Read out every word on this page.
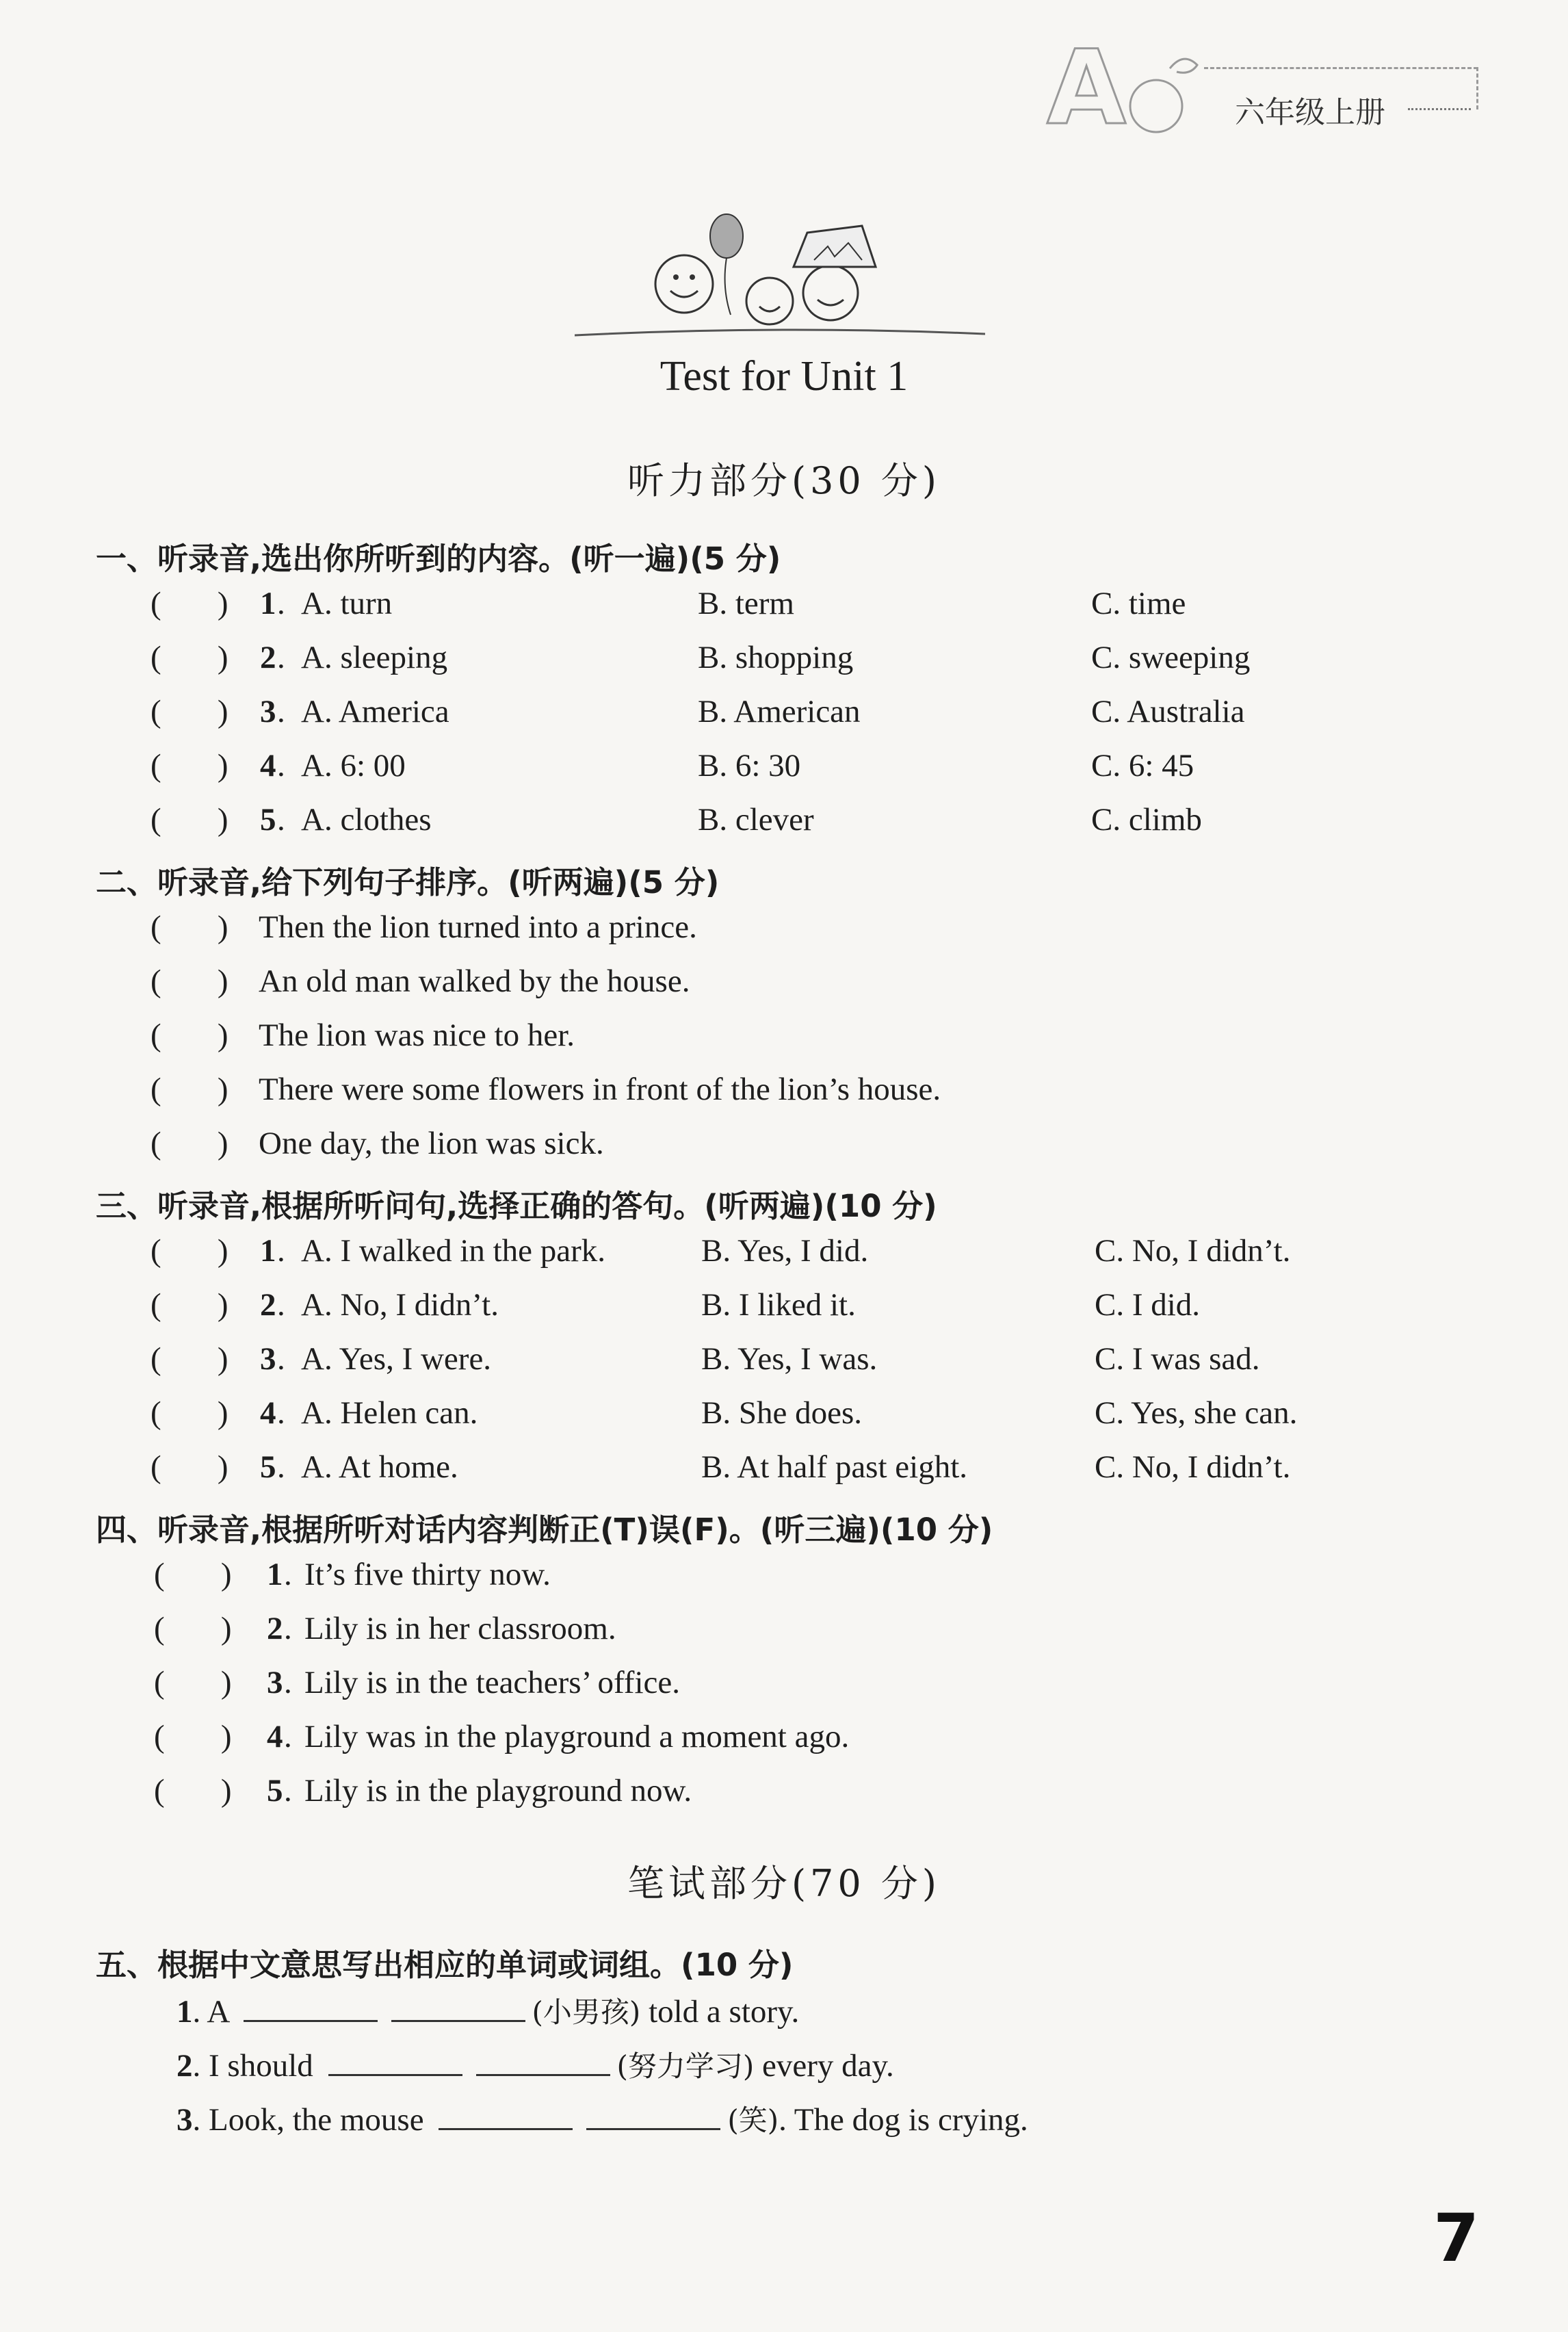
A	六年级上册
Test for Unit 1
听力部分(30 分)
一、听录音,选出你所听到的内容。(听一遍)(5 分)
(       ) 1 . A. turn	B. term	C. time
(       ) 2 . A. sleeping	B. shopping	C. sweeping
(       ) 3 . A. America	B. American	C. Australia
(       ) 4 . A. 6: 00	B. 6: 30	C. 6: 45
(       ) 5 . A. clothes	B. clever	C. climb
二、听录音,给下列句子排序。(听两遍)(5 分)
(       ) Then the lion turned into a prince.
(       ) An old man walked by the house.
(       ) The lion was nice to her.
(       ) There were some flowers in front of the lion’s house.
(       ) One day, the lion was sick.
三、听录音,根据所听问句,选择正确的答句。(听两遍)(10 分)
(       ) 1 . A. I walked in the park.	B. Yes, I did.	C. No, I didn’t.
(       ) 2 . A. No, I didn’t.	B. I liked it.	C. I did.
(       ) 3 . A. Yes, I were.	B. Yes, I was.	C. I was sad.
(       ) 4 . A. Helen can.	B. She does.	C. Yes, she can.
(       ) 5 . A. At home.	B. At half past eight.	C. No, I didn’t.
四、听录音,根据所听对话内容判断正(T)误(F)。(听三遍)(10 分)
(       ) 1 . It’s five thirty now.
(       ) 2 . Lily is in her classroom.
(       ) 3 . Lily is in the teachers’ office.
(       ) 4 . Lily was in the playground a moment ago.
(       ) 5 . Lily is in the playground now.
笔试部分(70 分)
五、根据中文意思写出相应的单词或词组。(10 分)
1. A	(小男孩) told a story.
2. I should	(努力学习) every day.
3. Look, the mouse	(笑). The dog is crying.
7
